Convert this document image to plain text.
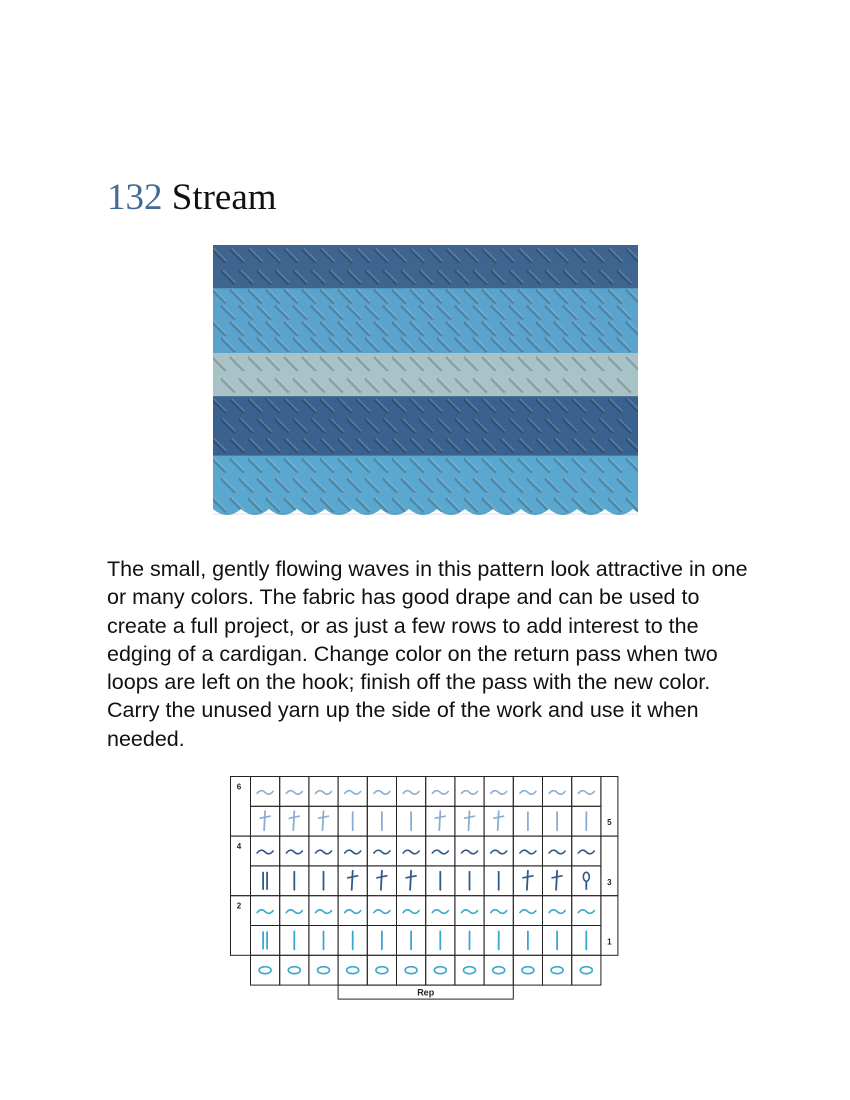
132 Stream

The small, gently flowing waves in this pattern look attractive in one or many colors. The fabric has good drape and can be used to create a full project, or as just a few rows to add interest to the edging of a cardigan. Change color on the return pass when two loops are left on the hook; finish off the pass with the new color. Carry the unused yarn up the side of the work and use it when needed.

6
5
4
3
2
1
Rep
